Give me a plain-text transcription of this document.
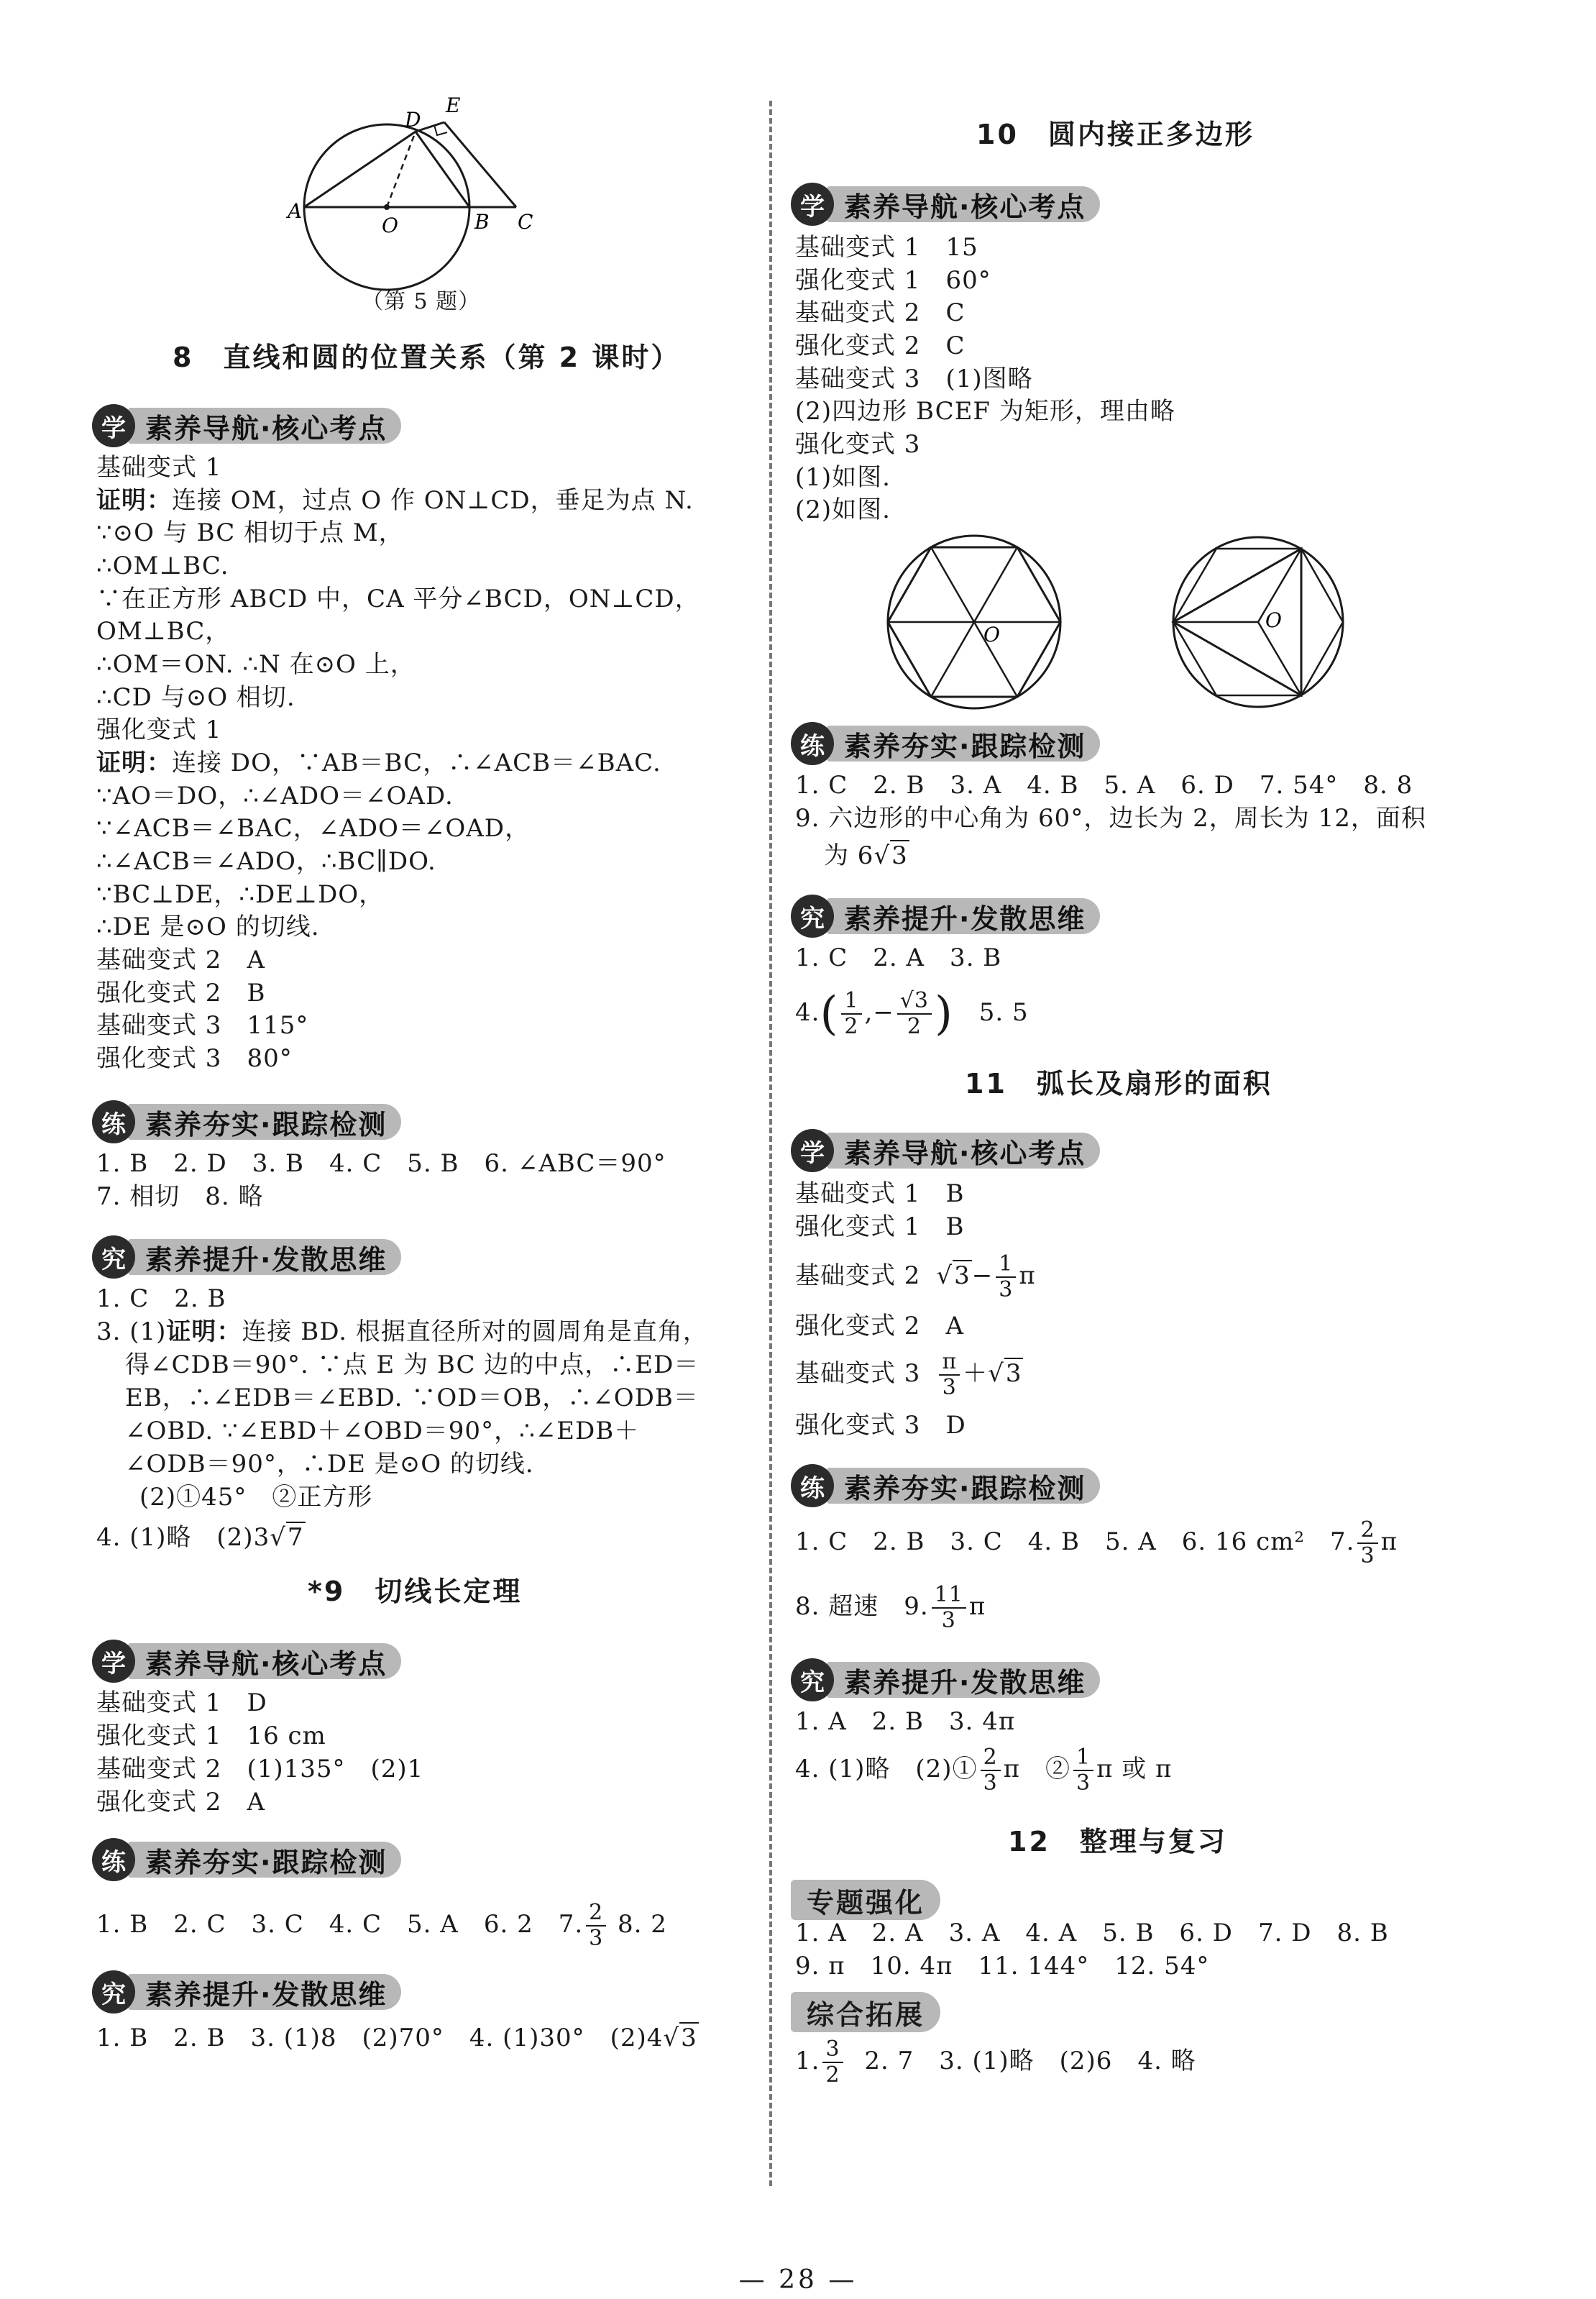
A
O	B C
D
E
（第 5 题）
8　直线和圆的位置关系（第 2 课时）
学 素养导航·核心考点
基础变式 1
证明：连接 OM，过点 O 作 ON⊥CD，垂足为点 N.
∵⊙O 与 BC 相切于点 M，
∴OM⊥BC.
∵在正方形 ABCD 中，CA 平分∠BCD，ON⊥CD，
OM⊥BC，
∴OM＝ON. ∴N 在⊙O 上，
∴CD 与⊙O 相切.
强化变式 1
证明：连接 DO，∵AB＝BC，∴∠ACB＝∠BAC.
∵AO＝DO，∴∠ADO＝∠OAD.
∵∠ACB＝∠BAC，∠ADO＝∠OAD，
∴∠ACB＝∠ADO，∴BC∥DO.
∵BC⊥DE，∴DE⊥DO，
∴DE 是⊙O 的切线.
基础变式 2　A
强化变式 2　B
基础变式 3　115°
强化变式 3　80°
练 素养夯实·跟踪检测
1. B　2. D　3. B　4. C　5. B　6. ∠ABC＝90°
7. 相切　8. 略
究 素养提升·发散思维
1. C　2. B
3. (1)证明：连接 BD. 根据直径所对的圆周角是直角，
得∠CDB＝90°. ∵点 E 为 BC 边的中点，∴ED＝
EB，∴∠EDB＝∠EBD. ∵OD＝OB，∴∠ODB＝
∠OBD. ∵∠EBD＋∠OBD＝90°，∴∠EDB＋
∠ODB＝90°，∴DE 是⊙O 的切线.
(2)①45°　②正方形
4. (1)略　(2)3√7
*9　切线长定理
学 素养导航·核心考点
基础变式 1　D
强化变式 1　16 cm
基础变式 2　(1)135°　(2)1
强化变式 2　A
练 素养夯实·跟踪检测
1. B　2. C　3. C　4. C　5. A　6. 2　7. $\frac{2}{3} 8$. 2
究 素养提升·发散思维
1. B　2. B　3. (1)8　(2)70°　4. (1)30°　(2)4√3
10　圆内接正多边形
学 素养导航·核心考点
基础变式 1　15
强化变式 1　60°
基础变式 2　C
强化变式 2　C
基础变式 3　(1)图略
(2)四边形 BCEF 为矩形，理由略
强化变式 3
(1)如图.
(2)如图.
O
O
练 素养夯实·跟踪检测
1. C　2. B　3. A　4. B　5. A　6. D　7. 54°　8. 8
9. 六边形的中心角为 60°，边长为 2，周长为 12，面积
为 6√3
究 素养提升·发散思维
1. C　2. A　3. B
$4.( \frac{1}{2}$ ,− $\frac{√3}{2}$ ) 5. 5
11　弧长及扇形的面积
学 素养导航·核心考点
基础变式 1　B
强化变式 1　B
基础变式 2 $√3- \frac{1}{3}$ π
强化变式 2　A
基础变式 $3 \frac{\pi}{3} +√3$
强化变式 3　D
练 素养夯实·跟踪检测
1. C　2. B　3. C　4. B　5. A　6. 16 cm²　7. $\frac{2}{3}$ π
8. 超速　9. $\frac{11}{3}$ π
究 素养提升·发散思维
1. A　2. B　3. 4π
4. (1)略　(2)① $\frac{2}{3}$ π　② $\frac{1}{3}$ π 或 π
12　整理与复习
专题强化
1. A　2. A　3. A　4. A　5. B　6. D　7. D　8. B
9. π　10. 4π　11. 144°　12. 54°
综合拓展
1. $\frac{3}{2} 2$. 7　3. (1)略　(2)6　4. 略
— 28 —
